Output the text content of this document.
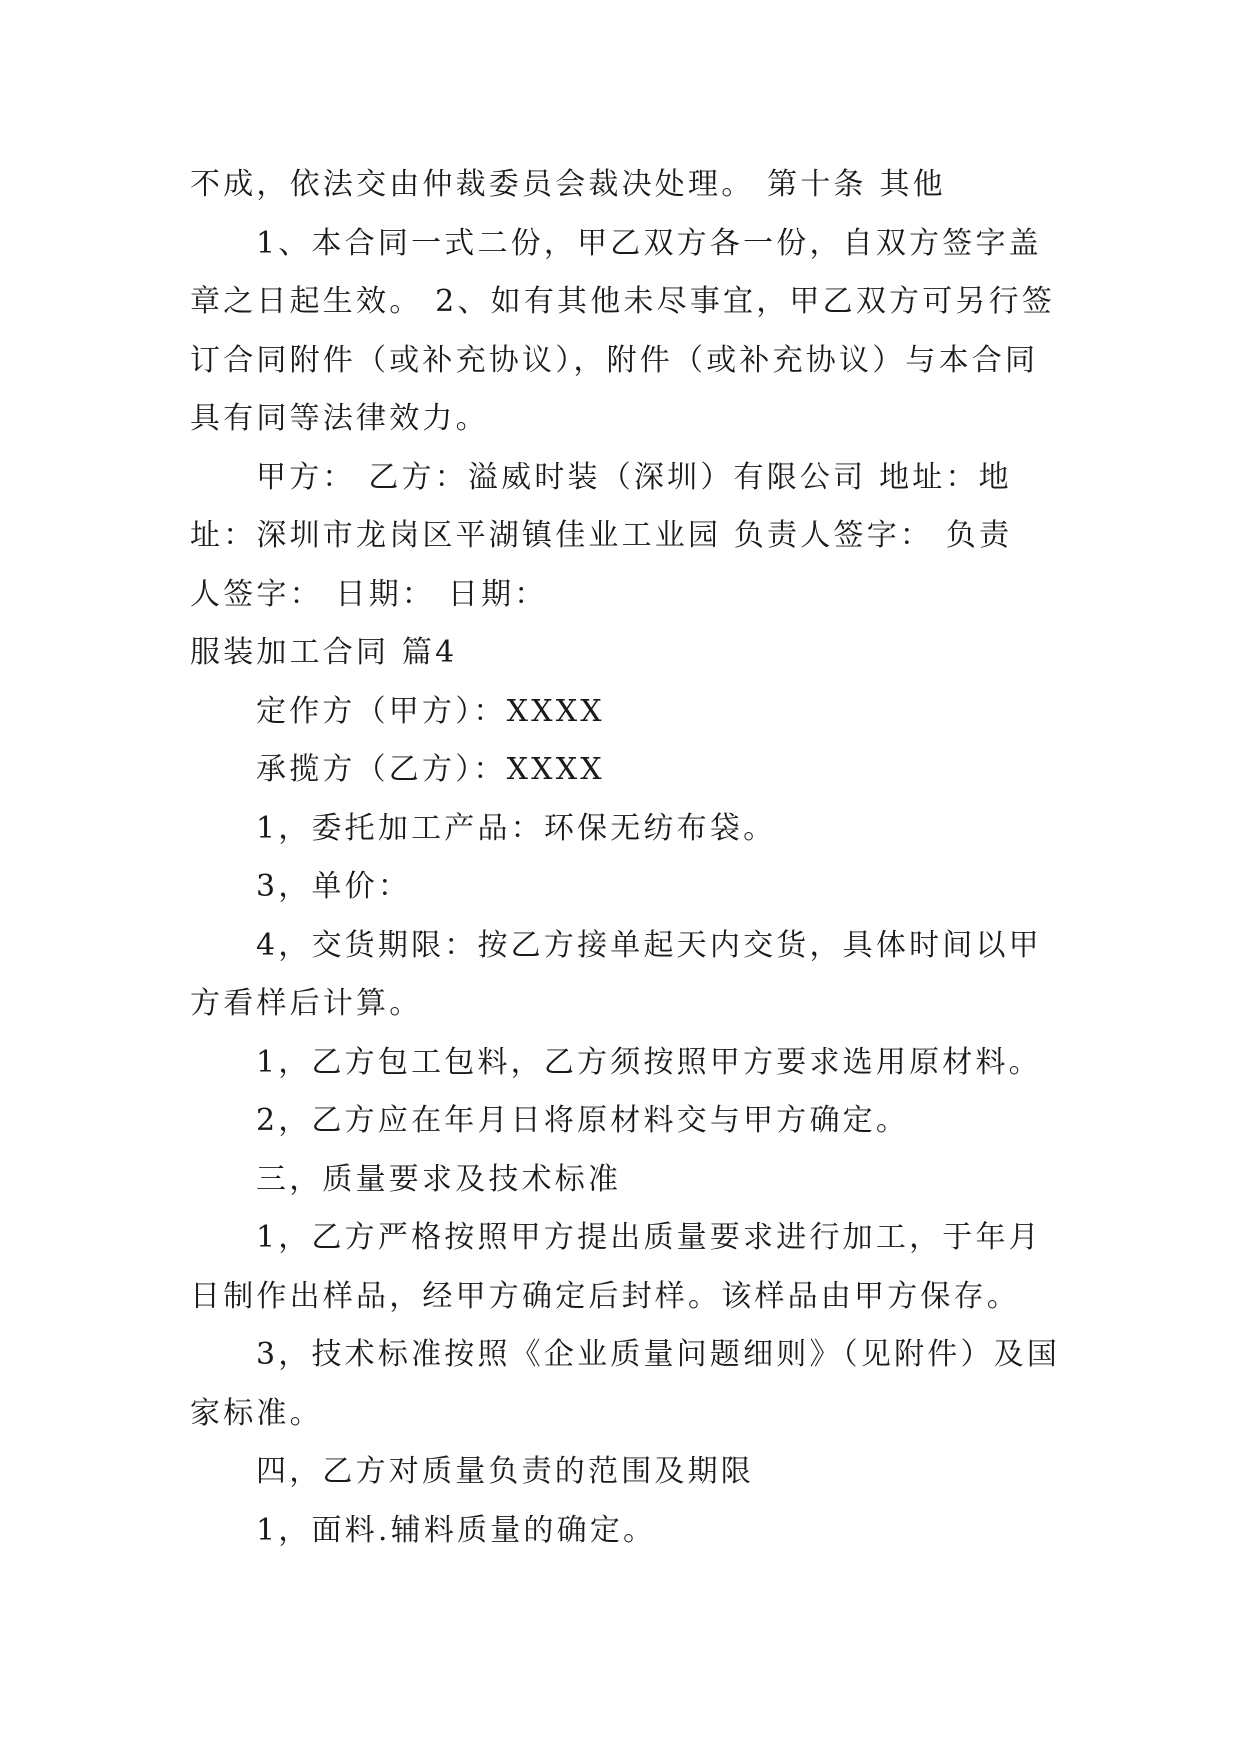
不成，依法交由仲裁委员会裁决处理。 第十条 其他
1、本合同一式二份，甲乙双方各一份，自双方签字盖
章之日起生效。 2、如有其他未尽事宜，甲乙双方可另行签
订合同附件（或补充协议），附件（或补充协议）与本合同
具有同等法律效力。
甲方： 乙方：溢威时装（深圳）有限公司 地址：地
址：深圳市龙岗区平湖镇佳业工业园 负责人签字： 负责
人签字： 日期： 日期：
服装加工合同 篇4
定作方（甲方）：XXXX
承揽方（乙方）：XXXX
1，委托加工产品：环保无纺布袋。
3，单价：
4，交货期限：按乙方接单起天内交货，具体时间以甲
方看样后计算。
1，乙方包工包料，乙方须按照甲方要求选用原材料。
2，乙方应在年月日将原材料交与甲方确定。
三，质量要求及技术标准
1，乙方严格按照甲方提出质量要求进行加工，于年月
日制作出样品，经甲方确定后封样。该样品由甲方保存。
3，技术标准按照《企业质量问题细则》（见附件）及国
家标准。
四，乙方对质量负责的范围及期限
1，面料.辅料质量的确定。
